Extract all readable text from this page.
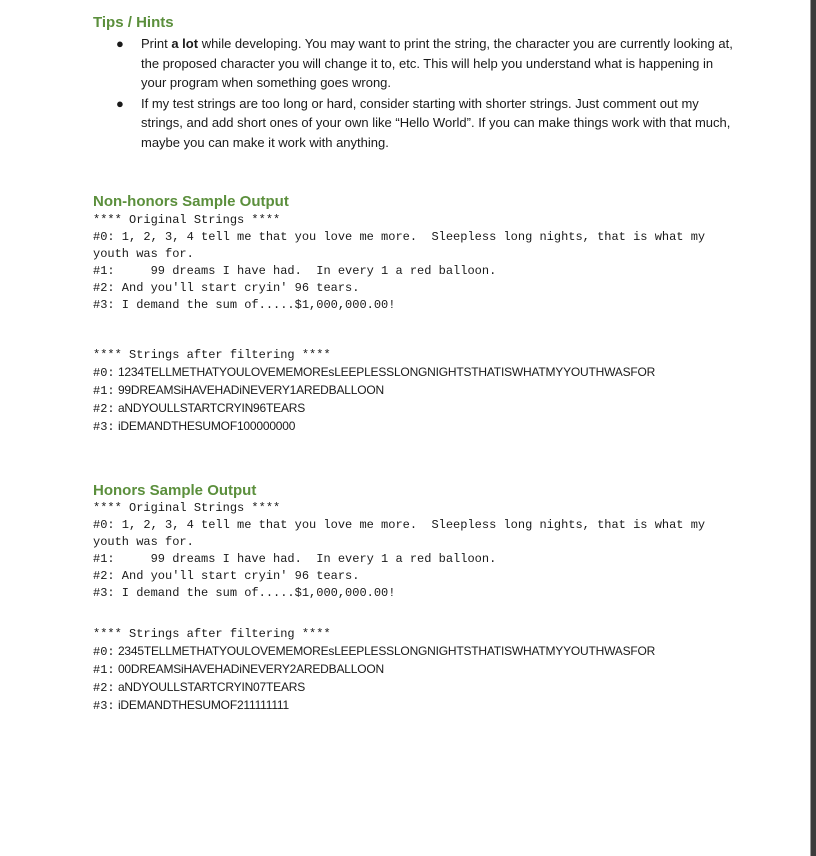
Tips / Hints
● Print a lot while developing. You may want to print the string, the character you are currently looking at, the proposed character you will change it to, etc. This will help you understand what is happening in your program when something goes wrong.
● If my test strings are too long or hard, consider starting with shorter strings. Just comment out my strings, and add short ones of your own like “Hello World”. If you can make things work with that much, maybe you can make it work with anything.
Non-honors Sample Output
**** Original Strings ****
#0: 1, 2, 3, 4 tell me that you love me more.  Sleepless long nights, that is what my youth was for.
#1:     99 dreams I have had.  In every 1 a red balloon.
#2: And you'll start cryin' 96 tears.
#3: I demand the sum of.....$1,000,000.00!
**** Strings after filtering ****
#0: 1234TELLMETHATYOULOVEMEMOREsLEEPLESSLONGNIGHTSTHATISWHATMYYOUTHWASFOR
#1: 99DREAMSiHAVEHADiNEVERY1AREDBALLOON
#2: aNDYOULLSTARTCRYIN96TEARS
#3: iDEMANDTHESUMOF100000000
Honors Sample Output
**** Original Strings ****
#0: 1, 2, 3, 4 tell me that you love me more.  Sleepless long nights, that is what my youth was for.
#1:     99 dreams I have had.  In every 1 a red balloon.
#2: And you'll start cryin' 96 tears.
#3: I demand the sum of.....$1,000,000.00!
**** Strings after filtering ****
#0: 2345TELLMETHATYOULOVEMEMOREsLEEPLESSLONGNIGHTSTHATISWHATMYYOUTHWASFOR
#1: 00DREAMSiHAVEHADiNEVERY2AREDBALLOON
#2: aNDYOULLSTARTCRYIN07TEARS
#3: iDEMANDTHESUMOF211111111
